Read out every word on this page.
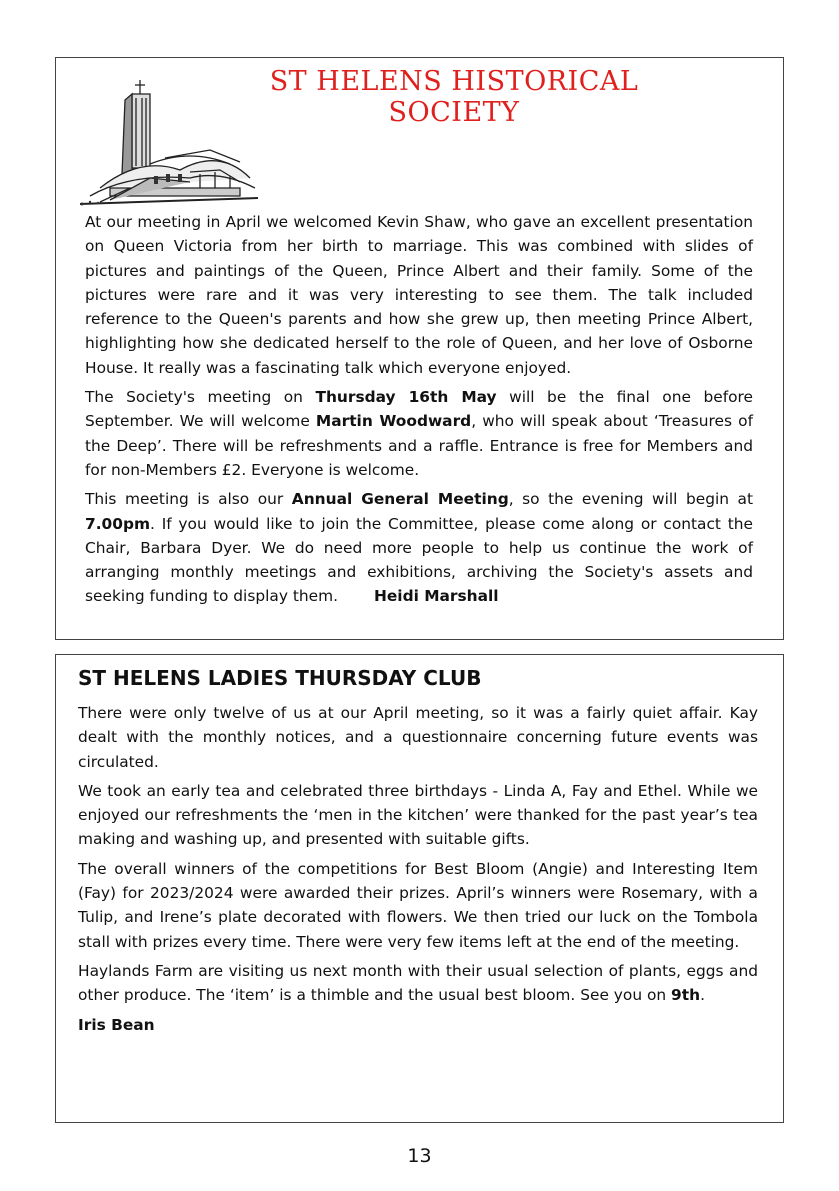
ST HELENS HISTORICAL
SOCIETY

At our meeting in April we welcomed Kevin Shaw, who gave an excellent presentation on Queen Victoria from her birth to marriage. This was combined with slides of pictures and paintings of the Queen, Prince Albert and their family. Some of the pictures were rare and it was very interesting to see them. The talk included reference to the Queen's parents and how she grew up, then meeting Prince Albert, highlighting how she dedicated herself to the role of Queen, and her love of Osborne House. It really was a fascinating talk which everyone enjoyed.

The Society's meeting on Thursday 16th May will be the final one before September. We will welcome Martin Woodward, who will speak about ‘Treasures of the Deep’. There will be refreshments and a raffle. Entrance is free for Members and for non-Members £2. Everyone is welcome.

This meeting is also our Annual General Meeting, so the evening will begin at 7.00pm. If you would like to join the Committee, please come along or contact the Chair, Barbara Dyer. We do need more people to help us continue the work of arranging monthly meetings and exhibitions, archiving the Society's assets and seeking funding to display them. Heidi Marshall

ST HELENS LADIES THURSDAY CLUB

There were only twelve of us at our April meeting, so it was a fairly quiet affair. Kay dealt with the monthly notices, and a questionnaire concerning future events was circulated.

We took an early tea and celebrated three birthdays - Linda A, Fay and Ethel. While we enjoyed our refreshments the ‘men in the kitchen’ were thanked for the past year’s tea making and washing up, and presented with suitable gifts.

The overall winners of the competitions for Best Bloom (Angie) and Interesting Item (Fay) for 2023/2024 were awarded their prizes. April’s winners were Rosemary, with a Tulip, and Irene’s plate decorated with flowers. We then tried our luck on the Tombola stall with prizes every time. There were very few items left at the end of the meeting.

Haylands Farm are visiting us next month with their usual selection of plants, eggs and other produce. The ‘item’ is a thimble and the usual best bloom. See you on 9th.

Iris Bean

13
